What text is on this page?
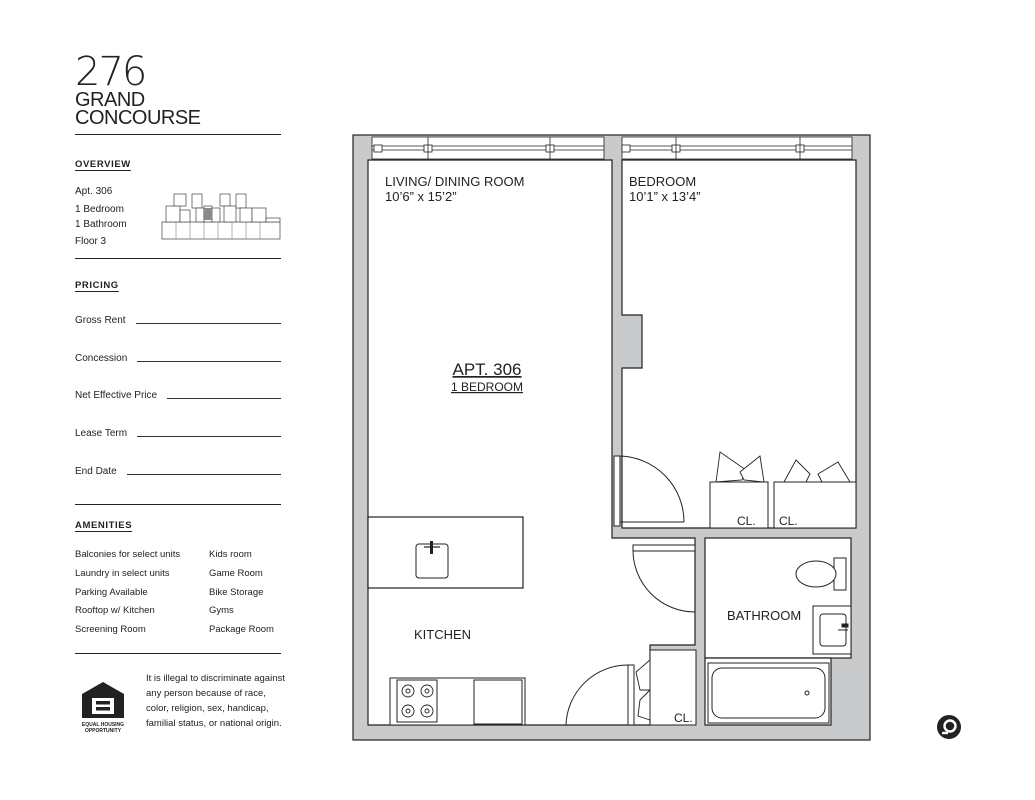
276
GRAND
CONCOURSE
OVERVIEW
Apt. 306
1 Bedroom
1 Bathroom
Floor 3
PRICING
Gross Rent
Concession
Net Effective Price
Lease Term
End Date
AMENITIES
Balconies for select units
Laundry in select units
Parking Available
Rooftop w/ Kitchen
Screening Room
Kids room
Game Room
Bike Storage
Gyms
Package Room
EQUAL HOUSING
OPPORTUNITY
It is illegal to discriminate against any person because of race, color, religion, sex, handicap, familial status, or national origin.
LIVING/ DINING ROOM
10’6” x 15’2”
BEDROOM
10’1” x 13’4”
APT. 306
1 BEDROOM
KITCHEN
BATHROOM
CL. CL.
CL.
